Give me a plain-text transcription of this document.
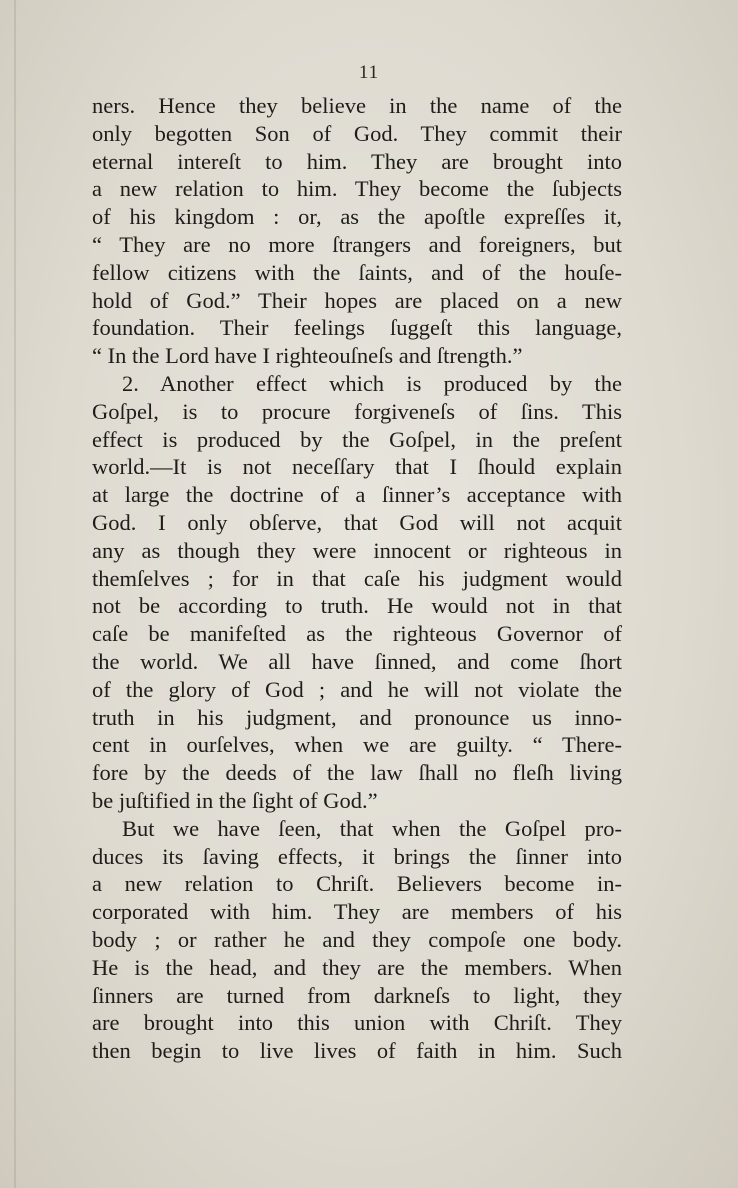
11
ners. Hence they believe in the name of the
only begotten Son of God. They commit their
eternal intereſt to him. They are brought into
a new relation to him. They become the ſubjects
of his kingdom : or, as the apoſtle expreſſes it,
“ They are no more ſtrangers and foreigners, but
fellow citizens with the ſaints, and of the houſe-
hold of God.” Their hopes are placed on a new
foundation. Their feelings ſuggeſt this language,
“ In the Lord have I righteouſneſs and ſtrength.”
2. Another effect which is produced by the
Goſpel, is to procure forgiveneſs of ſins. This
effect is produced by the Goſpel, in the preſent
world.—It is not neceſſary that I ſhould explain
at large the doctrine of a ſinner’s acceptance with
God. I only obſerve, that God will not acquit
any as though they were innocent or righteous in
themſelves ; for in that caſe his judgment would
not be according to truth. He would not in that
caſe be manifeſted as the righteous Governor of
the world. We all have ſinned, and come ſhort
of the glory of God ; and he will not violate the
truth in his judgment, and pronounce us inno-
cent in ourſelves, when we are guilty. “ There-
fore by the deeds of the law ſhall no fleſh living
be juſtified in the ſight of God.”
But we have ſeen, that when the Goſpel pro-
duces its ſaving effects, it brings the ſinner into
a new relation to Chriſt. Believers become in-
corporated with him. They are members of his
body ; or rather he and they compoſe one body.
He is the head, and they are the members. When
ſinners are turned from darkneſs to light, they
are brought into this union with Chriſt. They
then begin to live lives of faith in him. Such
